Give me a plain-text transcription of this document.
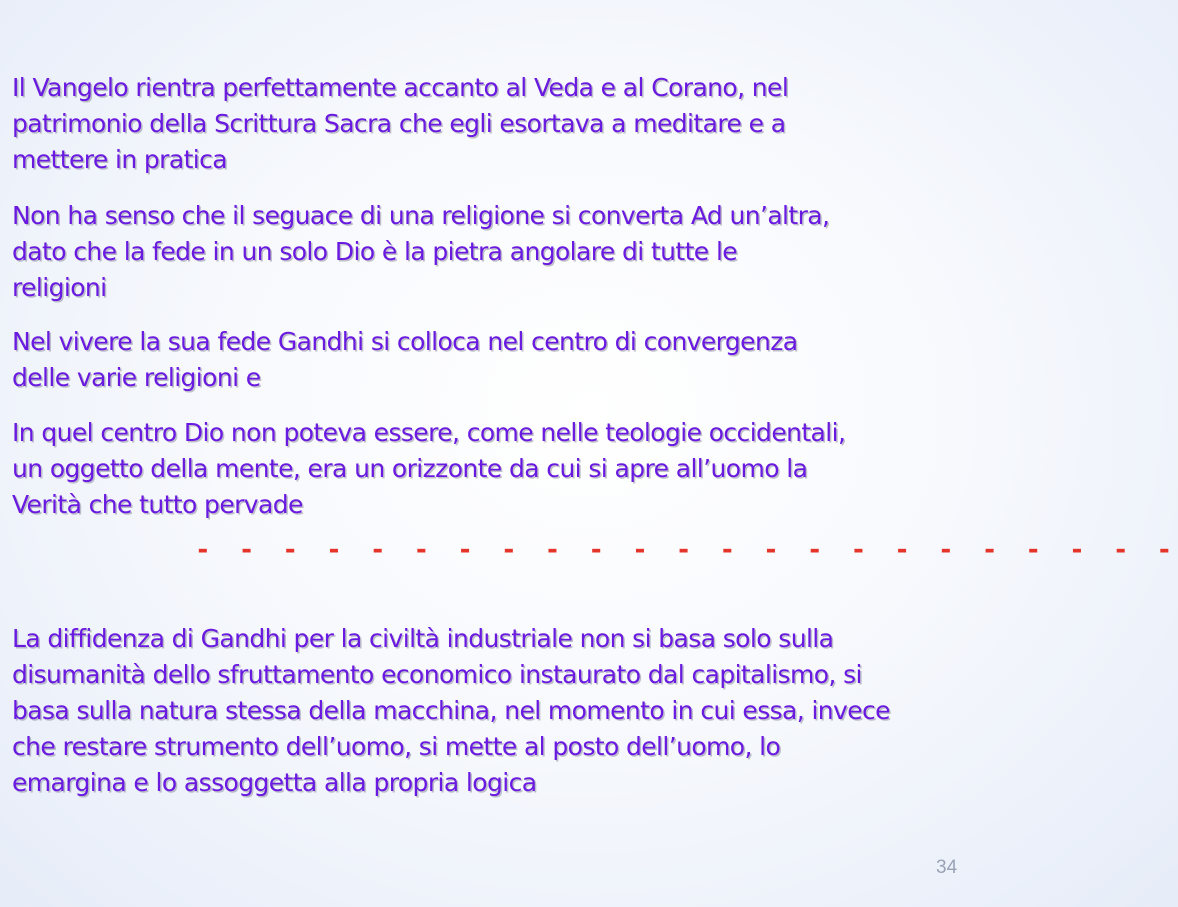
Il Vangelo rientra perfettamente accanto al Veda e al Corano, nel
patrimonio della Scrittura Sacra che egli esortava a meditare e a
mettere in pratica

Non ha senso che il seguace di una religione si converta Ad un’altra,
dato che la fede in un solo Dio è la pietra angolare di tutte le
religioni

Nel vivere la sua fede Gandhi si colloca nel centro di convergenza
delle varie religioni e

In quel centro Dio non poteva essere, come nelle teologie occidentali,
un oggetto della mente, era un orizzonte da cui si apre all’uomo la
Verità che tutto pervade

- - - - - - - - - - - - - - - - - - - - - - -

La diffidenza di Gandhi per la civiltà industriale non si basa solo sulla
disumanità dello sfruttamento economico instaurato dal capitalismo, si
basa sulla natura stessa della macchina, nel momento in cui essa, invece
che restare strumento dell’uomo, si mette al posto dell’uomo, lo
emargina e lo assoggetta alla propria logica

34
